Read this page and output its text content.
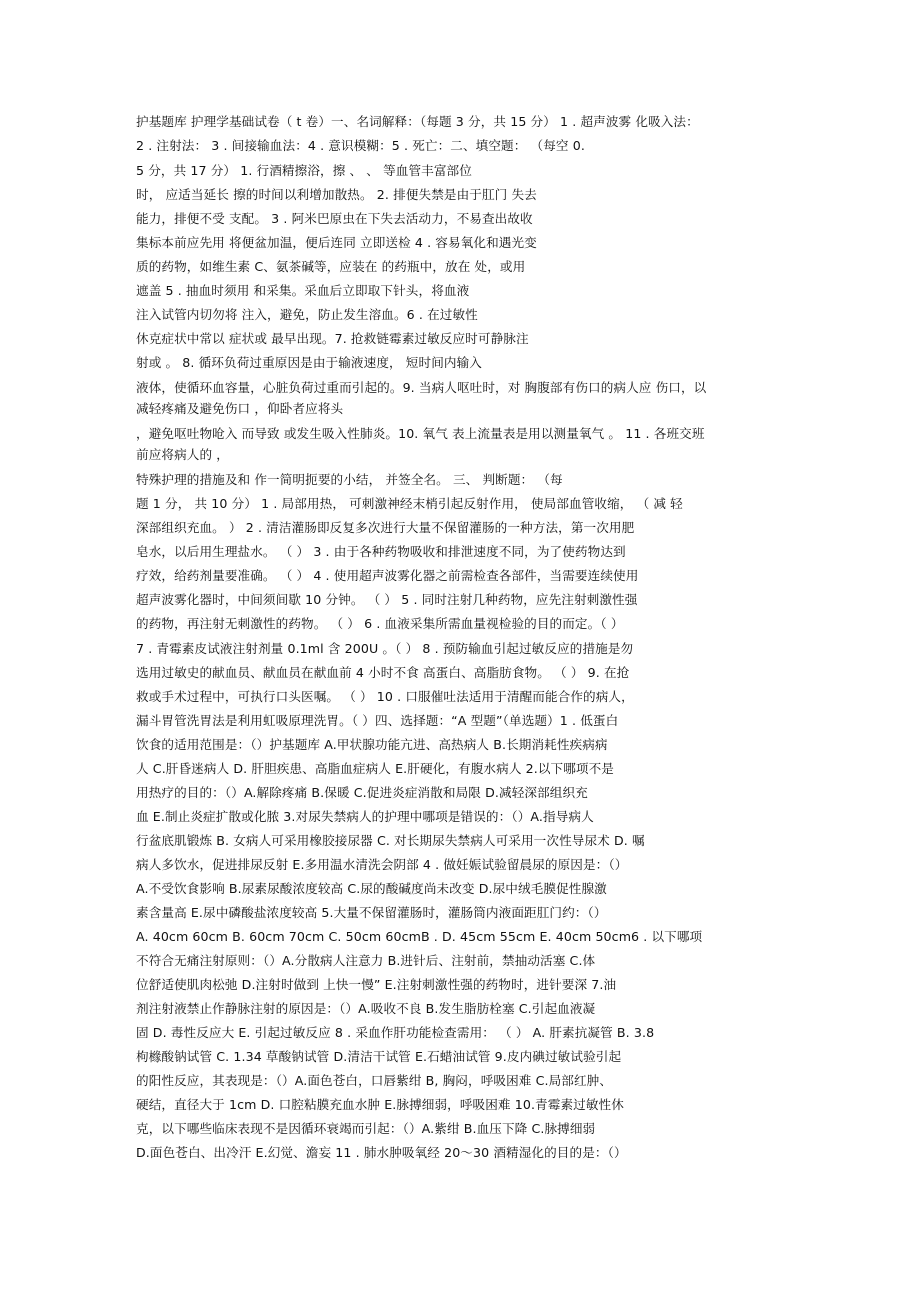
护基题库 护理学基础试卷（ t 卷）一、名词解释：（每题 3 分，共 15 分） 1 . 超声波雾 化吸入法：
2 . 注射法： 3 . 间接输血法：4 . 意识模糊：5 . 死亡：二、填空题： （每空 0.
5 分，共 17 分） 1. 行酒精擦浴，擦 、 、 等血管丰富部位
时， 应适当延长 擦的时间以利增加散热。 2. 排便失禁是由于肛门 失去
能力，排便不受 支配。 3 . 阿米巴原虫在下失去活动力，不易查出故收
集标本前应先用 将便盆加温，便后连同 立即送检 4 . 容易氧化和遇光变
质的药物，如维生素 C、氨茶碱等，应装在 的药瓶中，放在 处，或用
遮盖 5 . 抽血时须用 和采集。采血后立即取下针头，将血液
注入试管内切勿将 注入，避免，防止发生溶血。6 . 在过敏性
休克症状中常以 症状或 最早出现。7. 抢救链霉素过敏反应时可静脉注
射或 。 8. 循环负荷过重原因是由于输液速度， 短时间内输入
液体，使循环血容量，心脏负荷过重而引起的。9. 当病人呕吐时，对 胸腹部有伤口的病人应 伤口，以
减轻疼痛及避免伤口 ，仰卧者应将头
，避免呕吐物呛入 而导致 或发生吸入性肺炎。10. 氧气 表上流量表是用以测量氧气 。 11 . 各班交班
前应将病人的 ，
特殊护理的措施及和 作一简明扼要的小结， 并签全名。 三、 判断题： （每
题 1 分， 共 10 分） 1 . 局部用热， 可刺激神经末梢引起反射作用， 使局部血管收缩， （ 减 轻
深部组织充血。 ） 2 . 清洁灌肠即反复多次进行大量不保留灌肠的一种方法，第一次用肥
皂水，以后用生理盐水。 （ ） 3 . 由于各种药物吸收和排泄速度不同，为了使药物达到
疗效，给药剂量要准确。 （ ） 4 . 使用超声波雾化器之前需检查各部件，当需要连续使用
超声波雾化器时，中间须间歇 10 分钟。 （ ） 5 . 同时注射几种药物，应先注射刺激性强
的药物，再注射无刺激性的药物。 （ ） 6 . 血液采集所需血量视检验的目的而定。（ ）
7 . 青霉素皮试液注射剂量 0.1ml 含 200U 。（ ） 8 . 预防输血引起过敏反应的措施是勿
选用过敏史的献血员、献血员在献血前 4 小时不食 高蛋白、高脂肪食物。 （ ） 9. 在抢
救或手术过程中，可执行口头医嘱。 （ ） 10 . 口服催吐法适用于清醒而能合作的病人，
漏斗胃管洗胃法是利用虹吸原理洗胃。（ ）四、选择题：“A 型题”（单选题）1 . 低蛋白
饮食的适用范围是：（）护基题库 A.甲状腺功能亢进、高热病人 B.长期消耗性疾病病
人 C.肝昏迷病人 D. 肝胆疾患、高脂血症病人 E.肝硬化，有腹水病人 2.以下哪项不是
用热疗的目的：（）A.解除疼痛 B.保暖 C.促进炎症消散和局限 D.减轻深部组织充
血 E.制止炎症扩散或化脓 3.对尿失禁病人的护理中哪项是错误的：（）A.指导病人
行盆底肌锻炼 B. 女病人可采用橡胶接尿器 C. 对长期尿失禁病人可采用一次性导尿术 D. 嘱
病人多饮水，促进排尿反射 E.多用温水清洗会阴部 4 . 做妊娠试验留晨尿的原因是：（）
A.不受饮食影响 B.尿素尿酸浓度较高 C.尿的酸碱度尚未改变 D.尿中绒毛膜促性腺激
素含量高 E.尿中磷酸盐浓度较高 5.大量不保留灌肠时，灌肠筒内液面距肛门约：（）
A. 40cm 60cm B. 60cm 70cm C. 50cm 60cmB . D. 45cm 55cm E. 40cm 50cm6 . 以下哪项
不符合无痛注射原则：（）A.分散病人注意力 B.进针后、注射前，禁抽动活塞 C.体
位舒适使肌肉松弛 D.注射时做到 上快一慢” E.注射刺激性强的药物时，进针要深 7.油
剂注射液禁止作静脉注射的原因是：（）A.吸收不良 B.发生脂肪栓塞 C.引起血液凝
固 D. 毒性反应大 E. 引起过敏反应 8 . 采血作肝功能检查需用： （ ） A. 肝素抗凝管 B. 3.8
枸橼酸钠试管 C. 1.34 草酸钠试管 D.清洁干试管 E.石蜡油试管 9.皮内碘过敏试验引起
的阳性反应，其表现是：（）A.面色苍白，口唇紫绀 B, 胸闷，呼吸困难 C.局部红肿、
硬结，直径大于 1cm D. 口腔粘膜充血水肿 E.脉搏细弱，呼吸困难 10.青霉素过敏性休
克，以下哪些临床表现不是因循环衰竭而引起：（）A.紫绀 B.血压下降 C.脉搏细弱
D.面色苍白、出冷汗 E.幻觉、澹妄 11 . 肺水肿吸氧经 20～30 酒精湿化的目的是：（）
